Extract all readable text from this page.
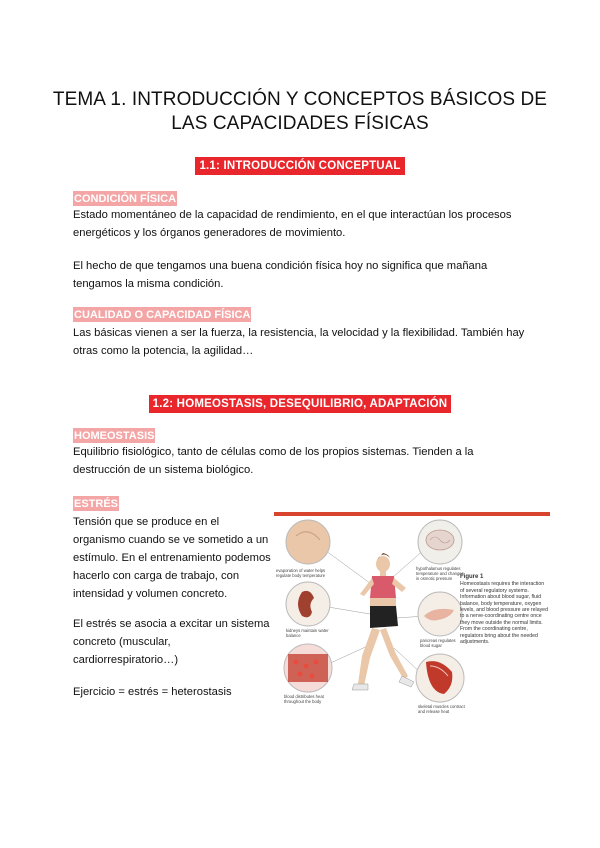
TEMA 1. INTRODUCCIÓN Y CONCEPTOS BÁSICOS DE LAS CAPACIDADES FÍSICAS
1.1: INTRODUCCIÓN CONCEPTUAL
CONDICIÓN FÍSICA
Estado momentáneo de la capacidad de rendimiento, en el que interactúan los procesos energéticos y los órganos generadores de movimiento.
El hecho de que tengamos una buena condición física hoy no significa que mañana tengamos la misma condición.
CUALIDAD O CAPACIDAD FÍSICA
Las básicas vienen a ser la fuerza, la resistencia, la velocidad y la flexibilidad. También hay otras como la potencia, la agilidad…
1.2: HOMEOSTASIS, DESEQUILIBRIO, ADAPTACIÓN
HOMEOSTASIS
Equilibrio fisiológico, tanto de células como de los propios sistemas. Tienden a la destrucción de un sistema biológico.
ESTRÉS
Tensión que se produce en el organismo cuando se ve sometido a un estímulo. En el entrenamiento podemos hacerlo con carga de trabajo, con intensidad y volumen concreto.
El estrés se asocia a excitar un sistema concreto (muscular, cardiorrespiratorio…)
Ejercicio = estrés = heterostasis
evaporation of water helps regulate body temperature
hypothalamus regulates temperature and changes in osmotic pressure
kidneys maintain water balance
pancreas regulates blood sugar
blood distributes heat throughout the body
skeletal muscles contract and release heat
Figure 1
Homeostasis requires the interaction of several regulatory systems. Information about blood sugar, fluid balance, body temperature, oxygen levels, and blood pressure are relayed to a nerve-coordinating centre once they move outside the normal limits. From the coordinating centre, regulators bring about the needed adjustments.
